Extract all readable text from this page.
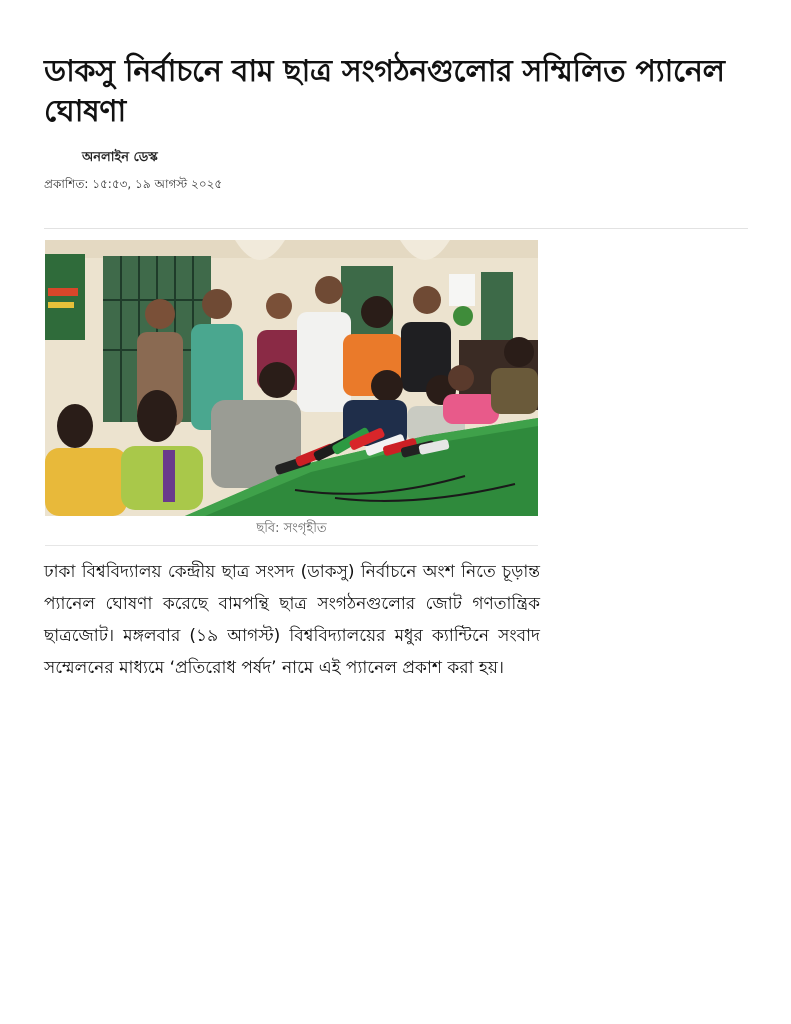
ডাকসু নির্বাচনে বাম ছাত্র সংগঠনগুলোর সম্মিলিত প্যানেল ঘোষণা
অনলাইন ডেস্ক
প্রকাশিত: ১৫:৫৩, ১৯ আগস্ট ২০২৫
ছবি: সংগৃহীত

ঢাকা বিশ্ববিদ্যালয় কেন্দ্রীয় ছাত্র সংসদ (ডাকসু) নির্বাচনে অংশ নিতে চূড়ান্ত প্যানেল ঘোষণা করেছে বামপন্থি ছাত্র সংগঠনগুলোর জোট গণতান্ত্রিক ছাত্রজোট। মঙ্গলবার (১৯ আগস্ট) বিশ্ববিদ্যালয়ের মধুর ক্যান্টিনে সংবাদ সম্মেলনের মাধ্যমে ‘প্রতিরোধ পর্ষদ’ নামে এই প্যানেল প্রকাশ করা হয়।
